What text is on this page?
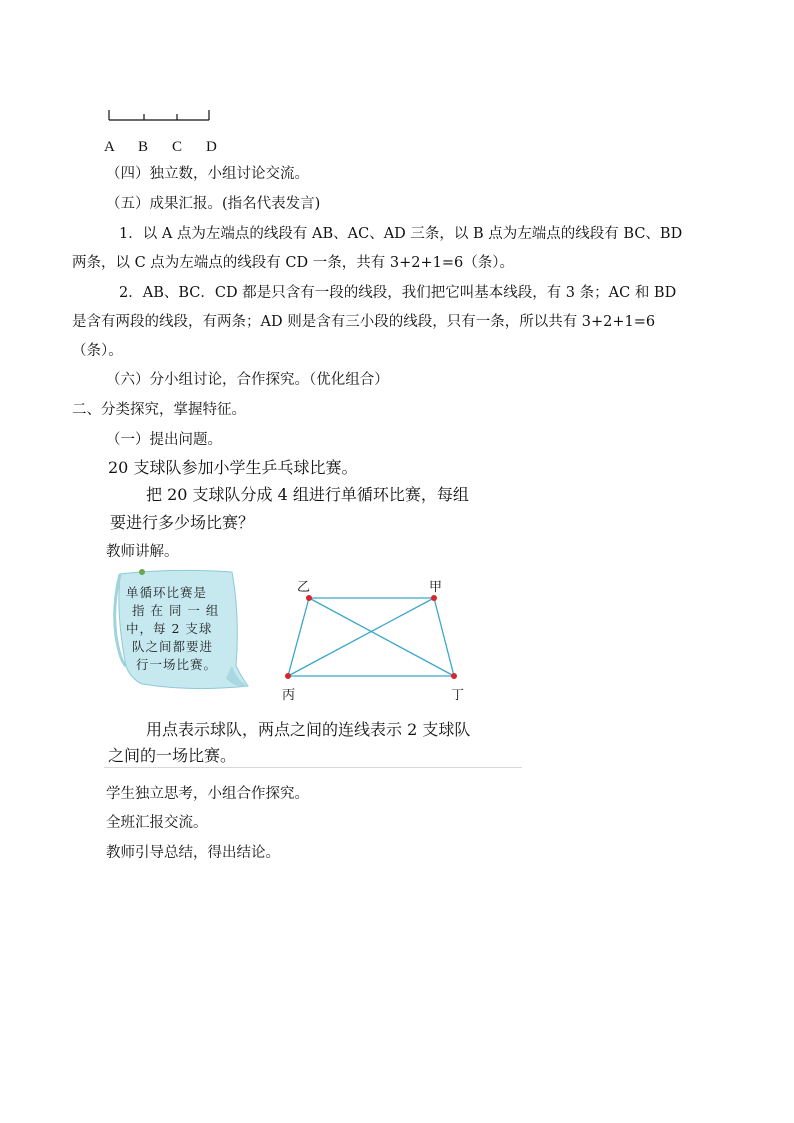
A B C D
（四）独立数，小组讨论交流。
（五）成果汇报。(指名代表发言)
1．以 A 点为左端点的线段有 AB、AC、AD 三条，以 B 点为左端点的线段有 BC、BD
两条，以 C 点为左端点的线段有 CD 一条，共有 3+2+1=6（条）。
2．AB、BC．CD 都是只含有一段的线段，我们把它叫基本线段，有 3 条；AC 和 BD
是含有两段的线段，有两条；AD 则是含有三小段的线段，只有一条，所以共有 3+2+1=6
（条）。
（六）分小组讨论，合作探究。（优化组合）
二、分类探究，掌握特征。
（一）提出问题。
20 支球队参加小学生乒乓球比赛。
把 20 支球队分成 4 组进行单循环比赛，每组
要进行多少场比赛？
教师讲解。
单循环比赛是
指 在 同 一 组
中，每 2 支球
队之间都要进
行一场比赛。
乙	甲
丙	丁
用点表示球队，两点之间的连线表示 2 支球队
之间的一场比赛。
学生独立思考，小组合作探究。
全班汇报交流。
教师引导总结，得出结论。
